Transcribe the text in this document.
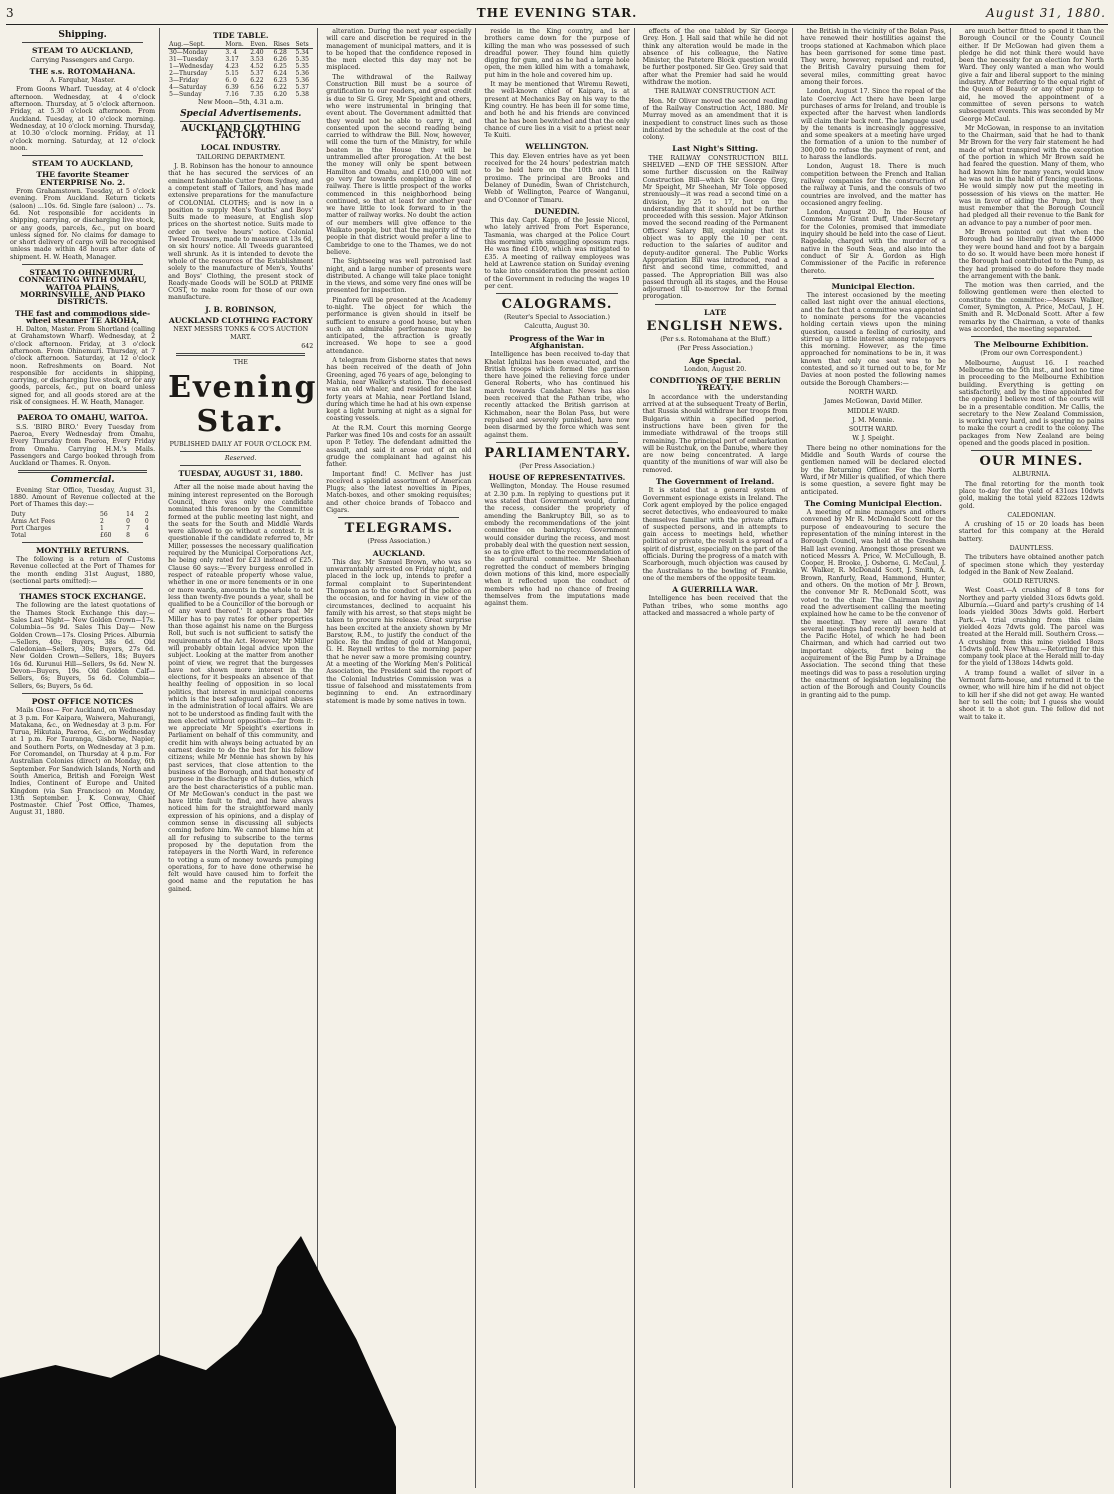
3	THE EVENING STAR.	August 31, 1880.
Shipping.
STEAM TO AUCKLAND,
Carrying Passengers and Cargo.
THE s.s. ROTOMAHANA.
A. Farquhar, Master.

From Goons Wharf. Tuesday, at 4 o'clock afternoon. Wednesday, at 4 o'clock afternoon. Thursday, at 5 o'clock afternoon. Friday, at 5.30 o'clock afternoon. From Auckland. Tuesday, at 10 o'clock morning. Wednesday, at 10 o'clock morning. Thursday, at 10.30 o'clock morning. Friday, at 11 o'clock morning. Saturday, at 12 o'clock noon.

STEAM TO AUCKLAND,
THE favorite Steamer ENTERPRISE No. 2.

From Grahamstown. Tuesday, at 5 o'clock evening. From Auckland. Return tickets (saloon) ...10s. 6d. Single fare (saloon) ... 7s. 6d. Not responsible for accidents in shipping, carrying, or discharging live stock, or any goods, parcels, &c., put on board unless signed for. No claims for damage to or short delivery of cargo will be recognised unless made within 48 hours after date of shipment. H. W. Heath, Manager.

STEAM TO OHINEMURI, CONNECTING WITH OMAHU, WAITOA PLAINS, MORRINSVILLE, AND PIAKO DISTRICTS.
THE fast and commodious side-wheel steamer TE AROHA,

H. Dalton, Master. From Shortland (calling at Grahamstown Wharf). Wednesday, at 2 o'clock afternoon. Friday, at 3 o'clock afternoon. From Ohinemuri. Thursday, at 7 o'clock afternoon. Saturday, at 12 o'clock noon. Refreshments on Board. Not responsible for accidents in shipping, carrying, or discharging live stock, or for any goods, parcels, &c., put on board unless signed for, and all goods stored are at the risk of consignees. H. W. Heath, Manager.

PAEROA TO OMAHU, WAITOA.

S.S. 'BIRO BIRO.' Every Tuesday from Paeroa, Every Wednesday from Omahu, Every Thursday from Paeroa, Every Friday from Omahu. Carrying H.M.'s Mails. Passengers and Cargo booked through from Auckland or Thames. R. Onyon.

Commercial.

Evening Star Office, Tuesday, August 31, 1880. Amount of Revenue collected at the Port of Thames this day:—

Duty	56	14	2
Arms Act Fees	2	0	0
Port Charges	1	7	4
Total	£60	8	6
MONTHLY RETURNS.

The following is a return of Customs Revenue collected at the Port of Thames for the month ending 31st August, 1880, (sectional parts omitted):—

THAMES STOCK EXCHANGE.

The following are the latest quotations of the Thames Stock Exchange this day:— Sales Last Night— New Golden Crown—17s. Columbia—5s 9d. Sales This Day— New Golden Crown—17s. Closing Prices. Alburnia—Sellers, 40s; Buyers, 38s 6d. Old Caledonian—Sellers, 30s; Buyers, 27s 6d. New Golden Crown—Sellers, 18s; Buyers 16s 6d. Kurunui Hill—Sellers, 9s 6d. New N. Devon—Buyers, 19s. Old Golden Calf—Sellers, 6s; Buyers, 5s 6d. Columbia—Sellers, 6s; Buyers, 5s 6d.

POST OFFICE NOTICES

Mails Close— For Auckland, on Wednesday at 3 p.m. For Kaipara, Waiwera, Mahurangi, Matakana, &c., on Wednesday at 3 p.m. For Turua, Hikutaia, Paeroa, &c., on Wednesday at 1 p.m. For Tauranga, Gisborne, Napier, and Southern Ports, on Wednesday at 3 p.m. For Coromandel, on Thursday at 4 p.m. For Australian Colonies (direct) on Monday, 6th September. For Sandwich Islands, North and South America, British and Foreign West Indies, Continent of Europe and United Kingdom (via San Francisco) on Monday, 13th September. J. K. Conway, Chief Postmaster. Chief Post Office, Thames, August 31, 1880.

TIDE TABLE.
Aug.—Sept.	Morn.	Even.	Rises	Sets
30—Monday	3. 4	2.40	6.28	5.34
31—Tuesday	3.17	3.53	6.26	5.35
1—Wednesday	4.23	4.52	6.25	5.35
2—Thursday	5.15	5.37	6.24	5.36
3—Friday	6. 0	6.22	6.23	5.36
4—Saturday	6.39	6.56	6.22	5.37
5—Sunday	7.16	7.35	6.20	5.38
New Moon—5th, 4.31 a.m.
Special Advertisements.
AUCKLAND CLOTHING FACTORY.
LOCAL INDUSTRY.
TAILORING DEPARTMENT.

J. B. Robinson has the honour to announce that he has secured the services of an eminent fashionable Cutter from Sydney, and a competent staff of Tailors, and has made extensive preparations for the manufacture of COLONIAL CLOTHS; and is now in a position to supply Men's Youths' and Boys' Suits made to measure, at English slop prices on the shortest notice. Suits made to order on twelve hours' notice. Colonial Tweed Trousers, made to measure at 13s 6d, on six hours' notice. All Tweeds guaranteed well shrunk. As it is intended to devote the whole of the resources of the Establishment solely to the manufacture of Men's, Youths' and Boys' Clothing, the present stock of Ready-made Goods will be SOLD at PRIME COST, to make room for those of our own manufacture.

J. B. ROBINSON,
AUCKLAND CLOTHING FACTORY
NEXT MESSRS TONKS & CO'S AUCTION MART.
642
THE
Evening Star.
PUBLISHED DAILY AT FOUR O'CLOCK P.M.
Reserved.
TUESDAY, AUGUST 31, 1880.

After all the noise made about having the mining interest represented on the Borough Council, there was only one candidate nominated this forenoon by the Committee formed at the public meeting last night, and the seats for the South and Middle Wards were allowed to go without a contest. It is questionable if the candidate referred to, Mr Miller, possesses the necessary qualification required by the Municipal Corporations Act, he being only rated for £23 instead of £25. Clause 60 says:—'Every burgess enrolled in respect of rateable property whose value, whether in one or more tenements or in one or more wards, amounts in the whole to not less than twenty-five pounds a year, shall be qualified to be a Councillor of the borough or of any ward thereof.' It appears that Mr Miller has to pay rates for other properties than those against his name on the Burgess Roll, but such is not sufficient to satisfy the requirements of the Act. However, Mr Miller will probably obtain legal advice upon the subject. Looking at the matter from another point of view, we regret that the burgesses have not shown more interest in the elections, for it bespeaks an absence of that healthy feeling of opposition in so local politics, that interest in municipal concerns which is the best safeguard against abuses in the administration of local affairs. We are not to be understood as finding fault with the men elected without opposition—far from it: we appreciate Mr Speight's exertions in Parliament on behalf of this community, and credit him with always being actuated by an earnest desire to do the best for his fellow citizens; while Mr Mennie has shown by his past services, that close attention to the business of the Borough, and that honesty of purpose in the discharge of his duties, which are the best characteristics of a public man. Of Mr McGowan's conduct in the past we have little fault to find, and have always noticed him for the straightforward manly expression of his opinions, and a display of common sense in discussing all subjects coming before him. We cannot blame him at all for refusing to subscribe to the terms proposed by the deputation from the ratepayers in the North Ward, in reference to voting a sum of money towards pumping operations, for to have done otherwise he felt would have caused him to forfeit the good name and the reputation he has gained.

alteration. During the next year especially will care and discretion be required in the management of municipal matters, and it is to be hoped that the confidence reposed in the men elected this day may not be misplaced.

The withdrawal of the Railway Construction Bill must be a source of gratification to our readers, and great credit is due to Sir G. Grey, Mr Speight and others, who were instrumental in bringing that event about. The Government admitted that they would not be able to carry it, and consented upon the second reading being carried to withdraw the Bill. Now, however, will come the turn of the Ministry, for while beaten in the House they will be untrammelled after prorogation. At the best the money will only be spent between Hamilton and Omahu, and £10,000 will not go very far towards completing a line of railway. There is little prospect of the works commenced in this neighborhood being continued, so that at least for another year we have little to look forward to in the matter of railway works. No doubt the action of our members will give offence to the Waikato people, but that the majority of the people in that district would prefer a line to Cambridge to one to the Thames, we do not believe.

The Sightseeing was well patronised last night, and a large number of presents were distributed. A change will take place tonight in the views, and some very fine ones will be presented for inspection.

Pinafore will be presented at the Academy to-night. The object for which the performance is given should in itself be sufficient to ensure a good house, but when such an admirable performance may be anticipated, the attraction is greatly increased. We hope to see a good attendance.

A telegram from Gisborne states that news has been received of the death of John Greening, aged 76 years of age, belonging to Mahia, near Walker's station. The deceased was an old whaler, and resided for the last forty years at Mahia, near Portland Island, during which time he had at his own expense kept a light burning at night as a signal for coasting vessels.

At the R.M. Court this morning George Parker was fined 10s and costs for an assault upon P. Tetley. The defendant admitted the assault, and said it arose out of an old grudge the complainant had against his father.

Important find! C. McIlver has just received a splendid assortment of American Plugs; also the latest novelties in Pipes, Match-boxes, and other smoking requisites; and other choice brands of Tobacco and Cigars.

TELEGRAMS.
(Press Association.)
AUCKLAND.

This day. Mr Samuel Brown, who was so unwarrantably arrested on Friday night, and placed in the lock up, intends to prefer a formal complaint to Superintendent Thompson as to the conduct of the police on the occasion, and for having in view of the circumstances, declined to acquaint his family with his arrest, so that steps might be taken to procure his release. Great surprise has been excited at the anxiety shown by Mr Barstow, R.M., to justify the conduct of the police. Re the finding of gold at Mangonui, G. H. Reynell writes to the morning paper that he never saw a more promising country. At a meeting of the Working Men's Political Association, the President said the report of the Colonial Industries Commission was a tissue of falsehood and misstatements from beginning to end. An extraordinary statement is made by some natives in town.

reside in the King country, and her brothers came down for the purpose of killing the man who was possessed of such dreadful power. They found him quietly digging for gum, and as he had a large hole open, the men killed him with a tomahawk, put him in the hole and covered him up.

It may be mentioned that Wiremu Reweti, the well-known chief of Kaipara, is at present at Mechanics Bay on his way to the King country. He has been ill for some time, and both he and his friends are convinced that he has been bewitched and that the only chance of cure lies in a visit to a priest near Te Kuiti.

WELLINGTON.

This day. Eleven entries have as yet been received for the 24 hours' pedestrian match to be held here on the 10th and 11th proximo. The principal are Brooks and Delaney of Dunedin, Swan of Christchurch, Webb of Wellington, Pearce of Wanganui, and O'Connor of Timaru.

DUNEDIN.

This day. Capt. Kapp, of the Jessie Niccol, who lately arrived from Port Esperance, Tasmania, was charged at the Police Court this morning with smuggling opossum rugs. He was fined £100, which was mitigated to £35. A meeting of railway employees was held at Lawrence station on Sunday evening to take into consideration the present action of the Government in reducing the wages 10 per cent.

CALOGRAMS.
(Reuter's Special to Association.)
Calcutta, August 30.
Progress of the War in Afghanistan.

Intelligence has been received to-day that Khelat Ighilzai has been evacuated, and the British troops which formed the garrison there have joined the relieving force under General Roberts, who has continued his march towards Candahar. News has also been received that the Pathan tribe, who recently attacked the British garrison at Kichmabon, near the Bolan Pass, but were repulsed and severely punished, have now been disarmed by the force which was sent against them.

PARLIAMENTARY.
(Per Press Association.)
HOUSE OF REPRESENTATIVES.

Wellington, Monday. The House resumed at 2.30 p.m. In replying to questions put it was stated that Government would, during the recess, consider the propriety of amending the Bankruptcy Bill, so as to embody the recommendations of the joint committee on bankruptcy. Government would consider during the recess, and most probably deal with the question next session, so as to give effect to the recommendation of the agricultural committee. Mr Sheehan regretted the conduct of members bringing down motions of this kind, more especially when it reflected upon the conduct of members who had no chance of freeing themselves from the imputations made against them.

effects of the one tabled by Sir George Grey. Hon. J. Hall said that while he did not think any alteration would be made in the absence of his colleague, the Native Minister, the Patetere Block question would be further postponed. Sir Geo. Grey said that after what the Premier had said he would withdraw the motion.

THE RAILWAY CONSTRUCTION ACT.

Hon. Mr Oliver moved the second reading of the Railway Construction Act, 1880. Mr Murray moved as an amendment that it is inexpedient to construct lines such as those indicated by the schedule at the cost of the colony.

Last Night's Sitting.

THE RAILWAY CONSTRUCTION BILL SHELVED —END OF THE SESSION. After some further discussion on the Railway Construction Bill—which Sir George Grey, Mr Speight, Mr Sheehan, Mr Tole opposed strenuously—it was read a second time on a division, by 25 to 17, but on the understanding that it should not be further proceeded with this session. Major Atkinson moved the second reading of the Permanent Officers' Salary Bill, explaining that its object was to apply the 10 per cent. reduction to the salaries of auditor and deputy-auditor general. The Public Works Appropriation Bill was introduced, read a first and second time, committed, and passed. The Appropriation Bill was also passed through all its stages, and the House adjourned till to-morrow for the formal prorogation.

LATE
ENGLISH NEWS.
(Per s.s. Rotomahana at the Bluff.)
(Per Press Association.)
Age Special.
London, August 20.
CONDITIONS OF THE BERLIN TREATY.

In accordance with the understanding arrived at at the subsequent Treaty of Berlin, that Russia should withdraw her troops from Bulgaria within a specified period, instructions have been given for the immediate withdrawal of the troops still remaining. The principal port of embarkation will be Rustchuk, on the Danube, where they are now being concentrated. A large quantity of the munitions of war will also be removed.

The Government of Ireland.

It is stated that a general system of Government espionage exists in Ireland. The Cork agent employed by the police engaged secret detectives, who endeavoured to make themselves familiar with the private affairs of suspected persons, and in attempts to gain access to meetings held, whether political or private, the result is a spread of a spirit of distrust, especially on the part of the officials. During the progress of a match with Scarborough, much objection was caused by the Australians to the bowling of Frankie, one of the members of the opposite team.

A GUERRILLA WAR.

Intelligence has been received that the Pathan tribes, who some months ago attacked and massacred a whole party of

the British in the vicinity of the Bolan Pass, have renewed their hostilities against the troops stationed at Kachmabon which place has been garrisoned for some time past. They were, however, repulsed and routed, the British Cavalry pursuing them for several miles, committing great havoc among their forces.

London, August 17. Since the repeal of the late Coercive Act there have been large purchases of arms for Ireland, and trouble is expected after the harvest when landlords will claim their back rent. The language used by the tenants is increasingly aggressive, and some speakers at a meeting have urged the formation of a union to the number of 300,000 to refuse the payment of rent, and to harass the landlords.

London, August 18. There is much competition between the French and Italian railway companies for the construction of the railway at Tunis, and the consuls of two countries are involved, and the matter has occasioned angry feeling.

London, August 20. In the House of Commons Mr Grant Duff, Under-Secretary for the Colonies, promised that immediate inquiry should be held into the case of Lieut. Ragedale, charged with the murder of a native in the South Seas, and also into the conduct of Sir A. Gordon as High Commissioner of the Pacific in reference thereto.

Municipal Election.

The interest occasioned by the meeting called last night over the annual elections, and the fact that a committee was appointed to nominate persons for the vacancies holding certain views upon the mining question, caused a feeling of curiosity, and stirred up a little interest among ratepayers this morning. However, as the time approached for nominations to be in, it was known that only one seat was to be contested, and so it turned out to be, for Mr Davies at noon posted the following names outside the Borough Chambers:—

NORTH WARD.
James McGowan, David Miller.
MIDDLE WARD.
J. M. Mennie.
SOUTH WARD.
W. J. Speight.

There being no other nominations for the Middle and South Wards of course the gentlemen named will be declared elected by the Returning Officer. For the North Ward, if Mr Miller is qualified, of which there is some question, a severe fight may be anticipated.

The Coming Municipal Election.

A meeting of mine managers and others convened by Mr R. McDonald Scott for the purpose of endeavouring to secure the representation of the mining interest in the Borough Council, was held at the Gresham Hall last evening. Amongst those present we noticed Messrs A. Price, W. McCullough, B. Cooper, H. Brooke, J. Osborne, G. McCaul, J. W. Walker, R. McDonald Scott, J. Smith, A. Brown, Ranfurly, Read, Hammond, Hunter, and others. On the motion of Mr J. Brown, the convenor Mr R. McDonald Scott, was voted to the chair. The Chairman having read the advertisement calling the meeting explained how he came to be the convenor of the meeting. They were all aware that several meetings had recently been held at the Pacific Hotel, of which he had been Chairman, and which had carried out two important objects, first being the acquirement of the Big Pump by a Drainage Association. The second thing that these meetings did was to pass a resolution urging the enactment of legislation legalising the action of the Borough and County Councils in granting aid to the pump.

are much better fitted to spend it than the Borough Council or the County Council either. If Dr McGowan had given them a pledge he did not think there would have been the necessity for an election for North Ward. They only wanted a man who would give a fair and liberal support to the mining industry. After referring to the equal right of the Queen of Beauty or any other pump to aid, he moved the appointment of a committee of seven persons to watch subsequent events. This was seconded by Mr George McCaul.

Mr McGowan, in response to an invitation to the Chairman, said that he had to thank Mr Brown for the very fair statement he had made of what transpired with the exception of the portion in which Mr Brown said he had feared the question. Many of them, who had known him for many years, would know he was not in the habit of fencing questions. He would simply now put the meeting in possession of his views on the matter. He was in favor of aiding the Pump, but they must remember that the Borough Council had pledged all their revenue to the Bank for an advance to pay a number of poor men.

Mr Brown pointed out that when the Borough had so liberally given the £4000 they were bound hand and foot by a bargain to do so. It would have been more honest if the Borough had contributed to the Pump, as they had promised to do before they made the arrangement with the bank.

The motion was then carried, and the following gentlemen were then elected to constitute the committee:—Messrs Walker, Comer, Symington, A. Price, McCaul, J. H. Smith and R. McDonald Scott. After a few remarks by the Chairman, a vote of thanks was accorded, the meeting separated.

The Melbourne Exhibition.
(From our own Correspondent.)

Melbourne, August 16. I reached Melbourne on the 5th inst., and lost no time in proceeding to the Melbourne Exhibition building. Everything is getting on satisfactorily, and by the time appointed for the opening I believe most of the courts will be in a presentable condition. Mr Callis, the secretary to the New Zealand Commission, is working very hard, and is sparing no pains to make the court a credit to the colony. The packages from New Zealand are being opened and the goods placed in position.

OUR MINES.
ALBURNIA.

The final retorting for the month took place to-day for the yield of 431ozs 10dwts gold, making the total yield 822ozs 12dwts gold.

CALEDONIAN.

A crushing of 15 or 20 loads has been started for this company at the Herald battery.

DAUNTLESS.

The tributers have obtained another patch of specimen stone which they yesterday lodged in the Bank of New Zealand.

GOLD RETURNS.

West Coast.—A crushing of 8 tons for Northey and party yielded 31ozs 6dwts gold. Alburnia.—Guard and party's crushing of 14 loads yielded 30ozs 3dwts gold. Herbert Park.—A trial crushing from this claim yielded 4ozs 7dwts gold. The parcel was treated at the Herald mill. Southern Cross.—A crushing from this mine yielded 18ozs 15dwts gold. New Whau.—Retorting for this company took place at the Herald mill to-day for the yield of 138ozs 14dwts gold.

A tramp found a wallet of silver in a Vermont farm-house, and returned it to the owner, who will hire him if he did not object to kill her if she did not get away. He wanted her to sell the coin; but I guess she would shoot it to a shot gun. The fellow did not wait to take it.
